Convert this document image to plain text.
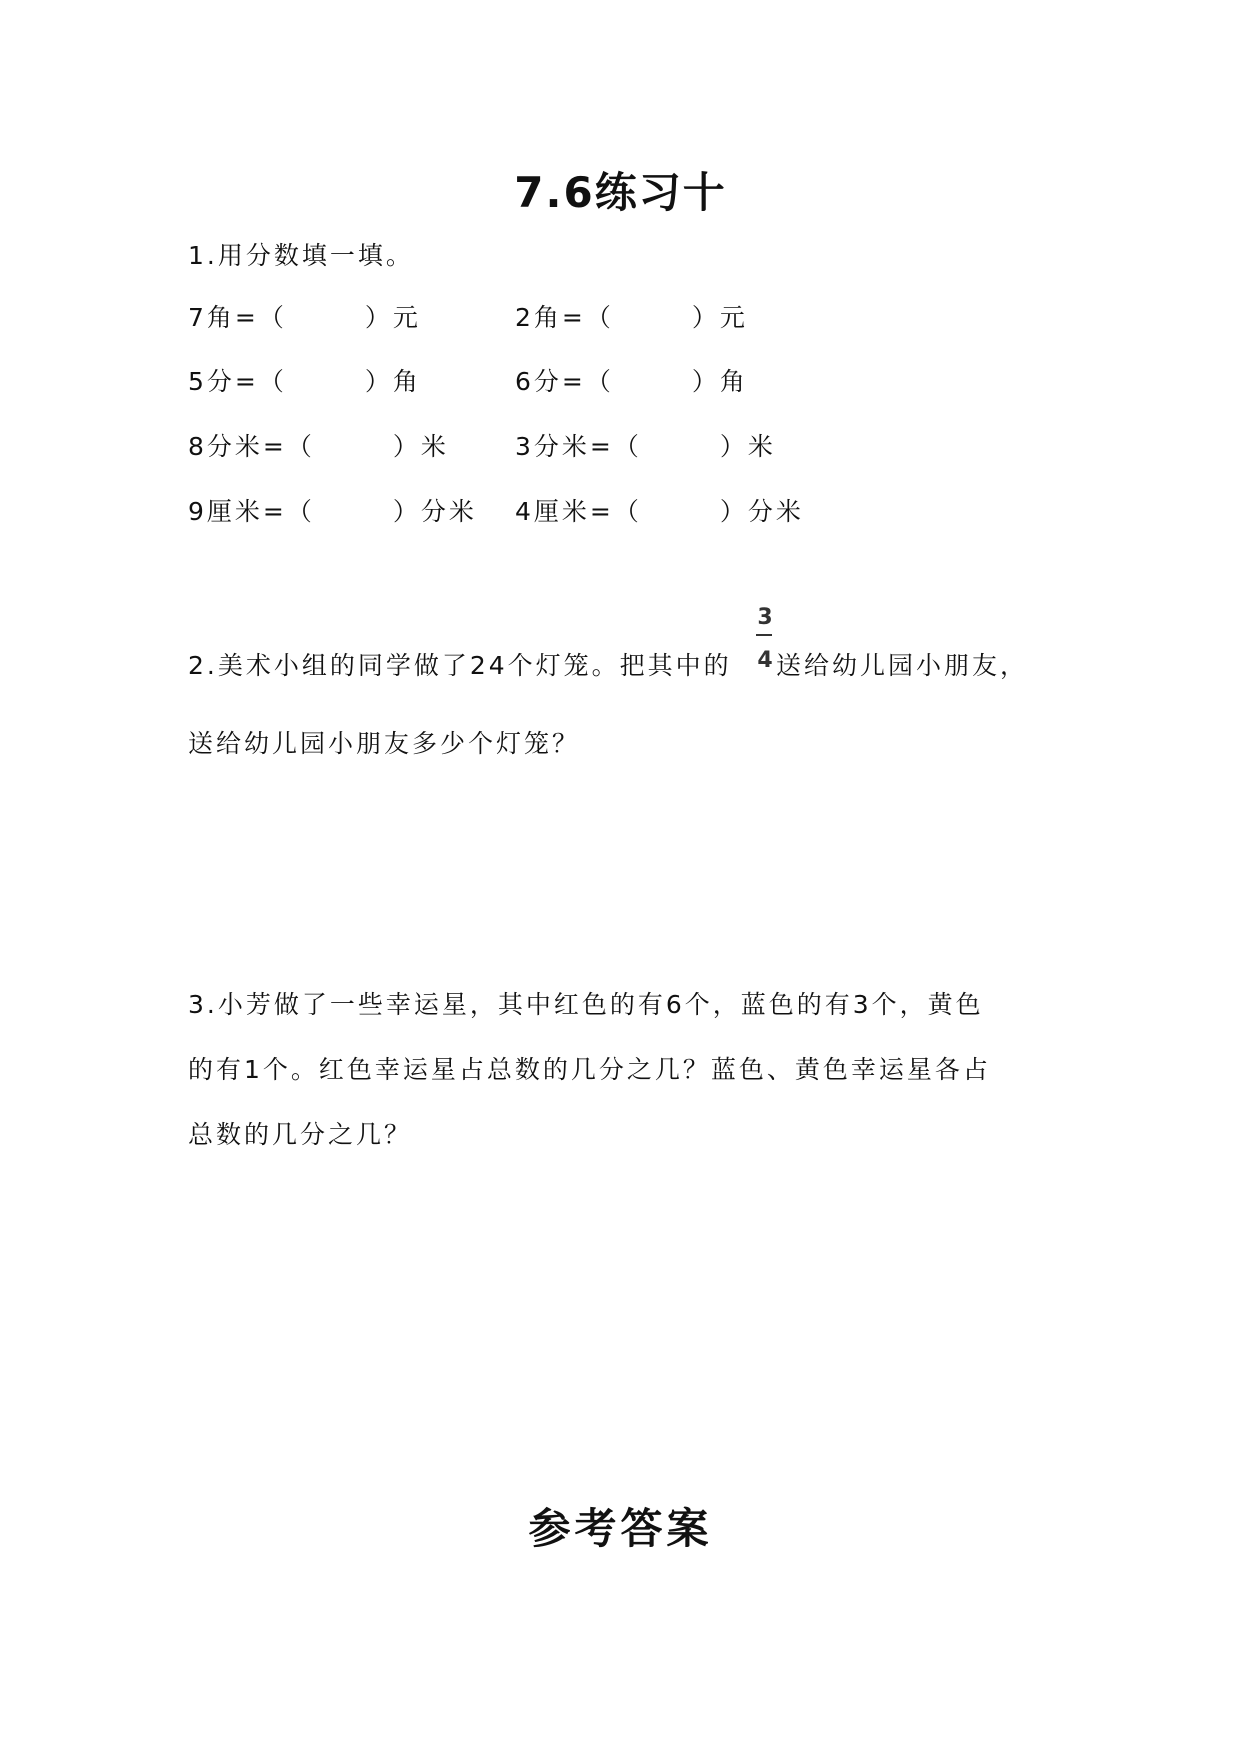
7.6练习十
1.用分数填一填。
7角=（	）元	2角=（	）元
5分=（	）角	6分=（	）角
8分米=（	）米	3分米=（	）米
9厘米=（	）分米 4厘米=（	）分米
2.美术小组的同学做了24个灯笼。把其中的
3
4 送给幼儿园小朋友，
送给幼儿园小朋友多少个灯笼？
3.小芳做了一些幸运星，其中红色的有6个，蓝色的有3个，黄色
的有1个。红色幸运星占总数的几分之几？蓝色、黄色幸运星各占
总数的几分之几？
参考答案
